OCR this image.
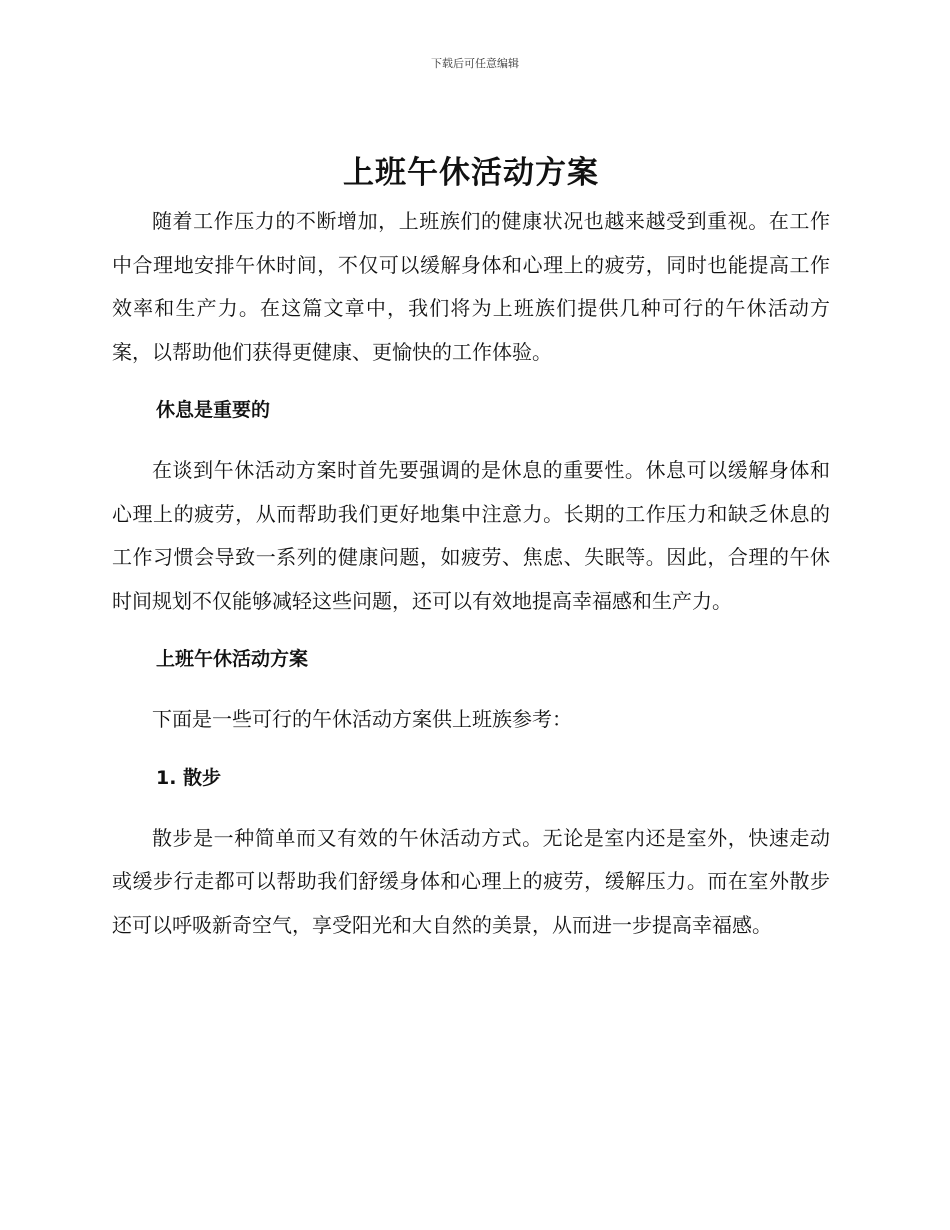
下载后可任意编辑
上班午休活动方案

随着工作压力的不断增加，上班族们的健康状况也越来越受到重视。在工作中合理地安排午休时间，不仅可以缓解身体和心理上的疲劳，同时也能提高工作效率和生产力。在这篇文章中，我们将为上班族们提供几种可行的午休活动方案，以帮助他们获得更健康、更愉快的工作体验。

休息是重要的

在谈到午休活动方案时首先要强调的是休息的重要性。休息可以缓解身体和心理上的疲劳，从而帮助我们更好地集中注意力。长期的工作压力和缺乏休息的工作习惯会导致一系列的健康问题，如疲劳、焦虑、失眠等。因此，合理的午休时间规划不仅能够减轻这些问题，还可以有效地提高幸福感和生产力。

上班午休活动方案

下面是一些可行的午休活动方案供上班族参考：

1. 散步

散步是一种简单而又有效的午休活动方式。无论是室内还是室外，快速走动或缓步行走都可以帮助我们舒缓身体和心理上的疲劳，缓解压力。而在室外散步还可以呼吸新奇空气，享受阳光和大自然的美景，从而进一步提高幸福感。
